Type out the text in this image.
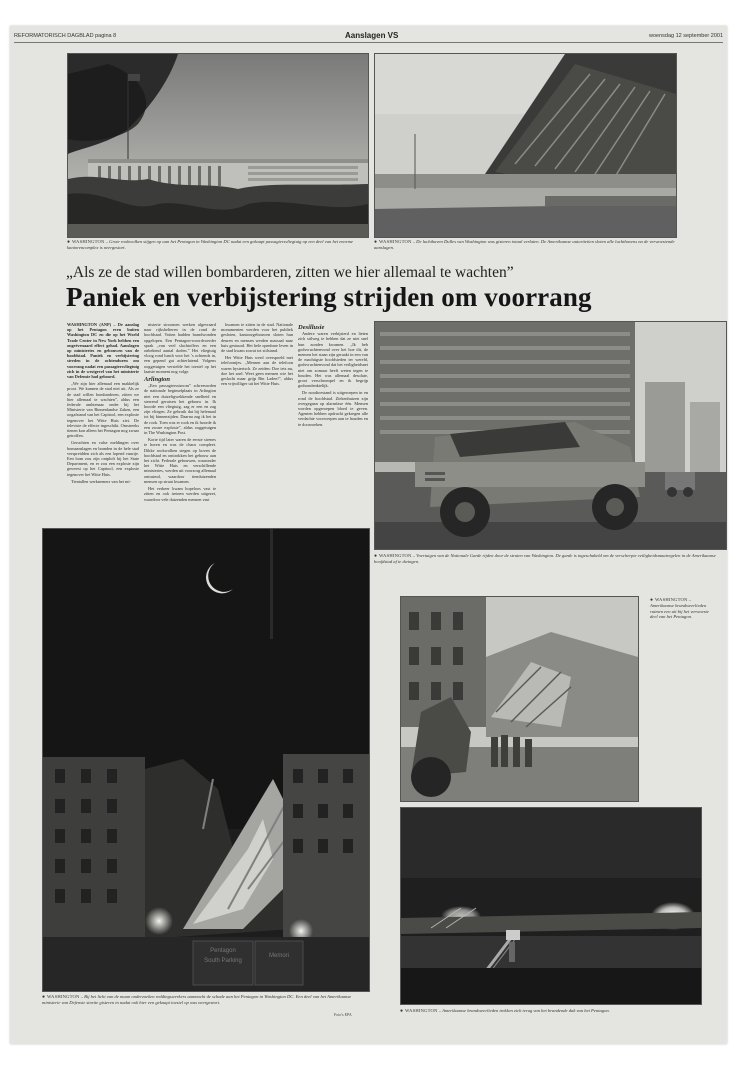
REFORMATORISCH DAGBLAD pagina 8	Aanslagen VS	woensdag 12 september 2001
● WASHINGTON – Grote rookwolken stijgen op aan het Pentagon in Washington DC nadat een gekaapt passagiersvliegtuig op een deel van het enorme kantorencomplex is neergestort.
● WASHINGTON – De luchthaven Dulles van Washington was gisteren totaal verlaten. De Amerikaanse autoriteiten sloten alle luchthavens na de verwoestende aanslagen.
„Als ze de stad willen bombarderen, zitten we hier allemaal te wachten”
Paniek en verbijstering strijden om voorrang

WASHINGTON (ANP) – De aanslag op het Pentagon even buiten Washington DC en die op het World Trade Center in New York hebben een ongeëvenaard effect gehad. Aanslagen op ministeries en gebouwen van de hoofdstad. Paniek en verbijstering streden in de ochtenduren om voorrang nadat een passagiersvliegtuig zich in de westgevel van het ministerie van Defensie had geboord.

„We zijn hier allemaal een makkelijk prooi. We kunnen de stad niet uit. Als ze de stad willen bombarderen, zitten we hier allemaal te wachten”, aldus een federale ambtenaar onder bij het Ministerie van Binnenlandse Zaken, een oogafstand van het Capitool, een explosie tegenover het Witte Huis ziet. De televisie de effecte ingeschikt. Omstreeks tienen kon alleen het Pentagon nog zwaar getroffen.

Geruchten en valse meldingen over bomaanslagen en branden in de hele stad verspreidden zich als een lopend vuurtje. Een bom zou zijn ontploft bij het State Department, en er zou een explosie zijn geweest op het Capitool, een explosie tegenover het Witte Huis.

Tientallen werknemers van het mi-

nisterie stroomen werken algevraard naar rijkshelteren in de rond de hoofdstad. Voiten hadden brandwonden opgelopen. Een Pentagon-woordvoerder sprak „van veel slachtoffers en een onbekend aantal doden.” Het vliegtuig vloog rond lunch voor het ’s ochtends in, een gepend gat achterlatend. Volgens ooggetuigen verstelde het toestel op het laatste moment nog volge.

Arlington

„Een passagiersstroom” schreeuwden de nationale beginselplaats in Arlington niet een duizeligwekkende snelheid en sterrend geruisen het gebouw in. Ik hoorde een vliegtuig, zag er een en zag zijn vliegen. Ze gebruik dat hij helemaal tot bij binnenzijden. Daarna zag ik het in de rook. Toen was er rook en ik hoorde ik een zware explosie”, aldus ooggetuigen in The Washington Post.

Korte tijd later waren de eerste sirenes te horen en was de chaos compleet. Dikke rookwolken stegen op boven de hoofdstad en onttrokken het gebouw aan het zicht. Federale gebouwen, waaronder het Witte Huis en verschillende ministeries, werden uit voorzorg allemaal ontruimd, waardoor tienduizenden mensen op straat kwamen.

Het verkeer kwam hopeloos vast te zitten en ook treinen werden uitgezet, waardoor vele duizenden mensen vast

kwamen te zitten in de stad. Nationale monumenten werden voor het publiek gesloten, kantoorgebouwen sloten hun deuren en mensen werden massaal naar huis gestuurd. Het hele openbare leven in de stad kwam zowat tot stilstand.

Het Witte Huis werd overspoeld met telefoontjes. „Mensen aan de telefoon waren hysterisch. Ze zeiden: Doe iets nu, doe het snel. Weet geen mensen wie het geslacht maar grijp Bin Laden!”, aldus een vrijwilliger uit het Witte Huis.

Desillusie

Andere waren verbijsterd en lieten zich stilweg te hebben dat ze niet snel hun zonden kwamen. „Ik heb godsvruchtenvond over het hoe dit, de mensen het staan zijn geraakt in een van de machtigste hoofdsteden ter wereld, godsvruchtenvond dat het veiligheidsnet niet om zomaar heeft weten tegen te houden. Het was allemaal desolate, groot verschrompel en ik begrijp godsondenktelijk.

De noodtoestand is uitgeroepen in en rond de hoofdstad. Ziekenhuizen zijn overgegaan op alarmfase één. Mensen worden opgeroepen bloed te geven. Agenten hebben opdracht gekregen alle verdachte voorwerpen aan te houden en te doorzoeken.

● WASHINGTON – Voertuigen van de Nationale Garde rijden door de straten van Washington. De garde is ingeschakeld om de verscherpte veiligheidsmaatregelen in de Amerikaanse hoofdstad af te dwingen.
Pentagon
South Parking
Memori
● WASHINGTON – Bij het licht van de maan onderzoeken reddingswerkers aanmacht de schade aan het Pentagon in Washington DC. Een deel van het Amerikaanse ministerie van Defensie stortte gisteren in nadat ook hier een gekaapt toestel op was neergestort.
Foto's EPA
● WASHINGTON – Amerikaanse brandweerlieden ruimen een uit bij het verwoeste deel van het Pentagon.
● WASHINGTON – Amerikaanse brandweerlieden trekken zich terug van het brandende dak van het Pentagon.
